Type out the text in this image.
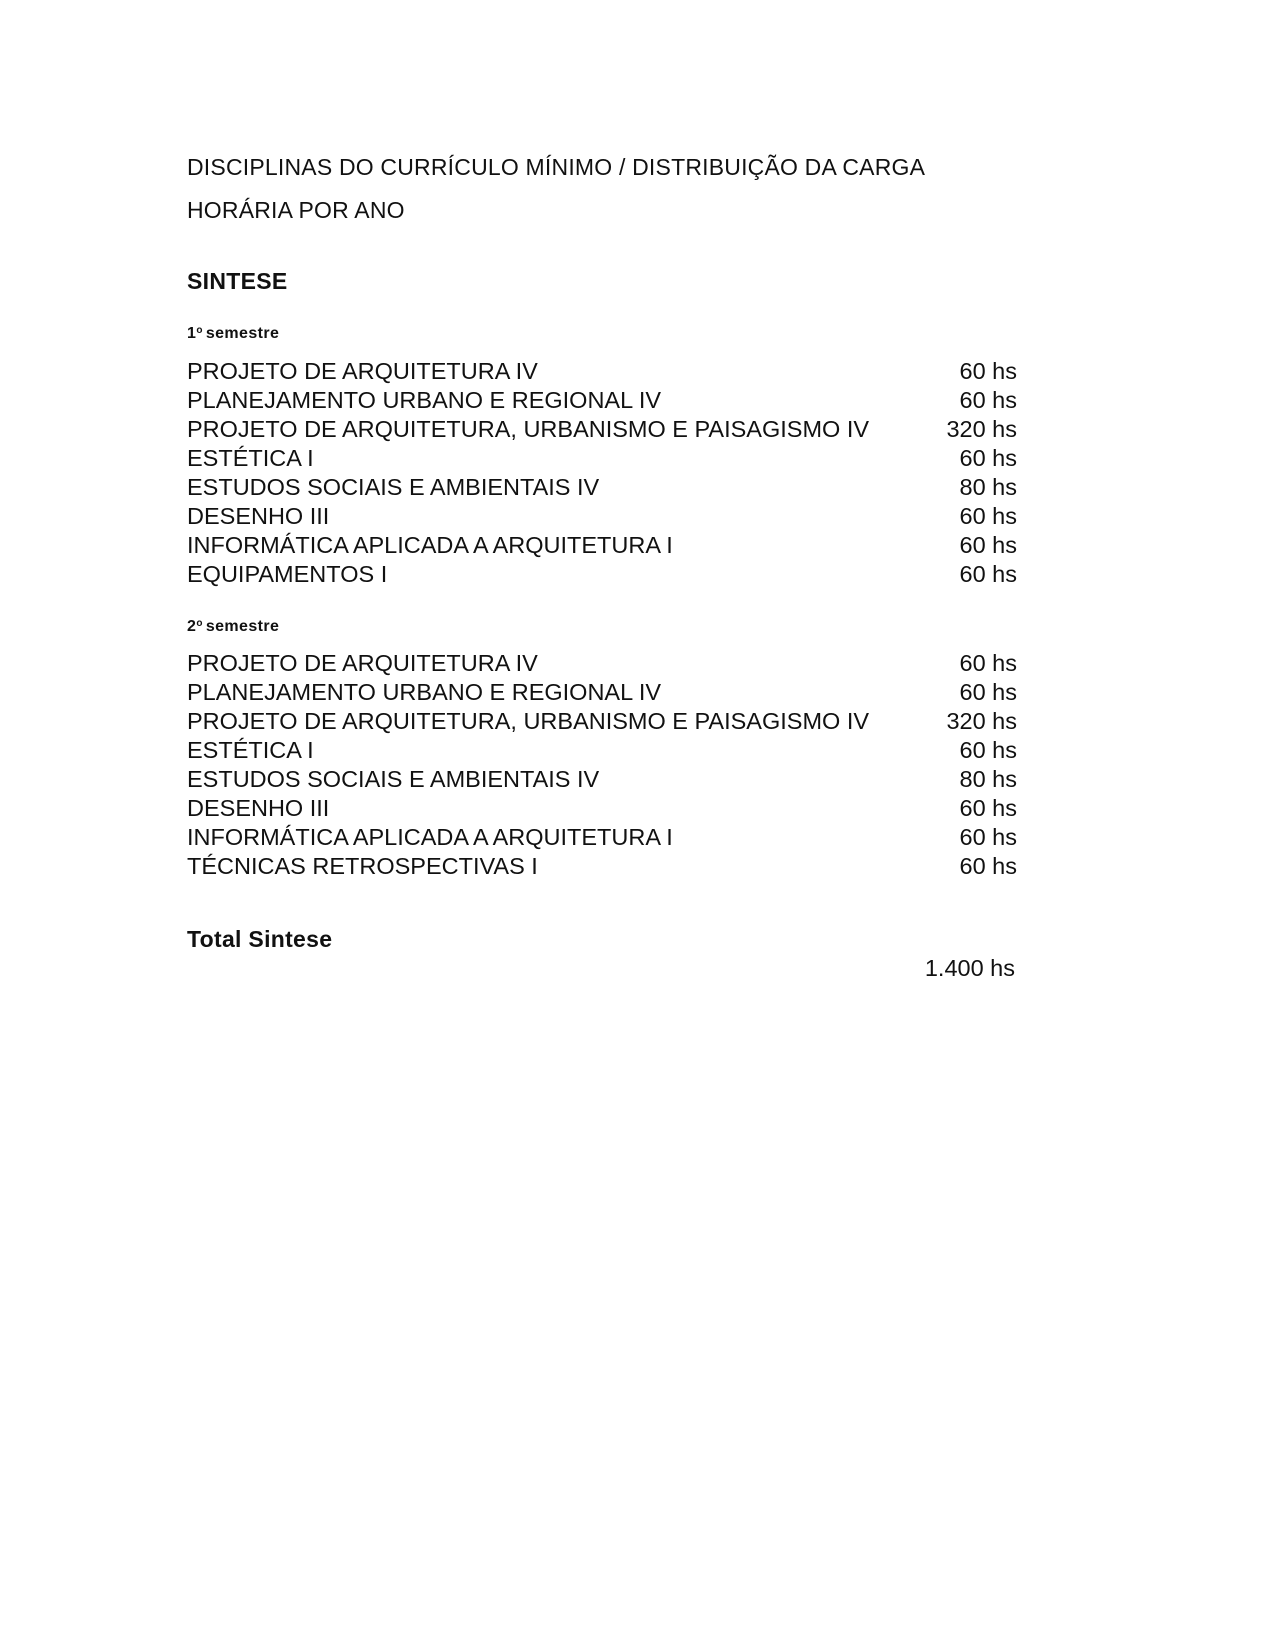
DISCIPLINAS DO CURRÍCULO MÍNIMO / DISTRIBUIÇÃO DA CARGA
HORÁRIA POR ANO
SINTESE
1$^o$ semestre
PROJETO DE ARQUITETURA IV	60 hs
PLANEJAMENTO URBANO E REGIONAL IV	60 hs
PROJETO DE ARQUITETURA, URBANISMO E PAISAGISMO IV	320 hs
ESTÉTICA I	60 hs
ESTUDOS SOCIAIS E AMBIENTAIS IV	80 hs
DESENHO III	60 hs
INFORMÁTICA APLICADA A ARQUITETURA I	60 hs
EQUIPAMENTOS I	60 hs
2$^o$ semestre
PROJETO DE ARQUITETURA IV	60 hs
PLANEJAMENTO URBANO E REGIONAL IV	60 hs
PROJETO DE ARQUITETURA, URBANISMO E PAISAGISMO IV	320 hs
ESTÉTICA I	60 hs
ESTUDOS SOCIAIS E AMBIENTAIS IV	80 hs
DESENHO III	60 hs
INFORMÁTICA APLICADA A ARQUITETURA I	60 hs
TÉCNICAS RETROSPECTIVAS I	60 hs
Total Sintese
1.400 hs
